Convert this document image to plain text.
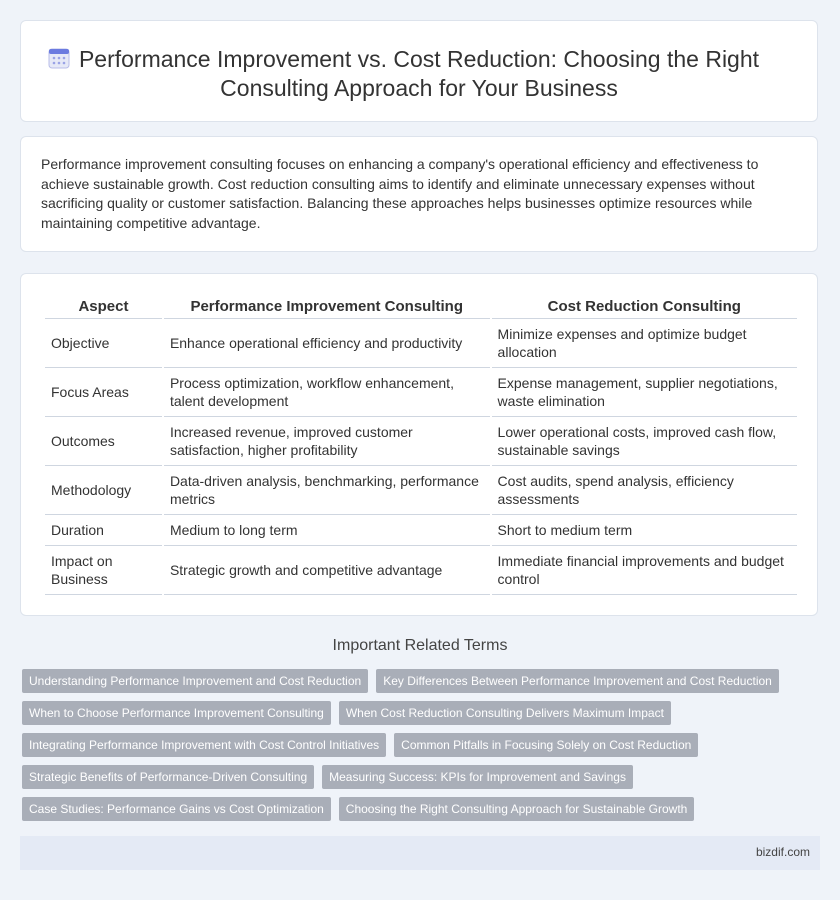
Performance Improvement vs. Cost Reduction: Choosing the Right Consulting Approach for Your Business

Performance improvement consulting focuses on enhancing a company's operational efficiency and effectiveness to achieve sustainable growth. Cost reduction consulting aims to identify and eliminate unnecessary expenses without sacrificing quality or customer satisfaction. Balancing these approaches helps businesses optimize resources while maintaining competitive advantage.

Aspect	Performance Improvement Consulting	Cost Reduction Consulting
Objective	Enhance operational efficiency and productivity	Minimize expenses and optimize budget allocation
Focus Areas	Process optimization, workflow enhancement, talent development	Expense management, supplier negotiations, waste elimination
Outcomes	Increased revenue, improved customer satisfaction, higher profitability	Lower operational costs, improved cash flow, sustainable savings
Methodology	Data-driven analysis, benchmarking, performance metrics	Cost audits, spend analysis, efficiency assessments
Duration	Medium to long term	Short to medium term
Impact on Business	Strategic growth and competitive advantage	Immediate financial improvements and budget control
Important Related Terms
Understanding Performance Improvement and Cost Reduction	Key Differences Between Performance Improvement and Cost Reduction
When to Choose Performance Improvement Consulting	When Cost Reduction Consulting Delivers Maximum Impact
Integrating Performance Improvement with Cost Control Initiatives	Common Pitfalls in Focusing Solely on Cost Reduction
Strategic Benefits of Performance-Driven Consulting	Measuring Success: KPIs for Improvement and Savings
Case Studies: Performance Gains vs Cost Optimization	Choosing the Right Consulting Approach for Sustainable Growth
bizdif.com
